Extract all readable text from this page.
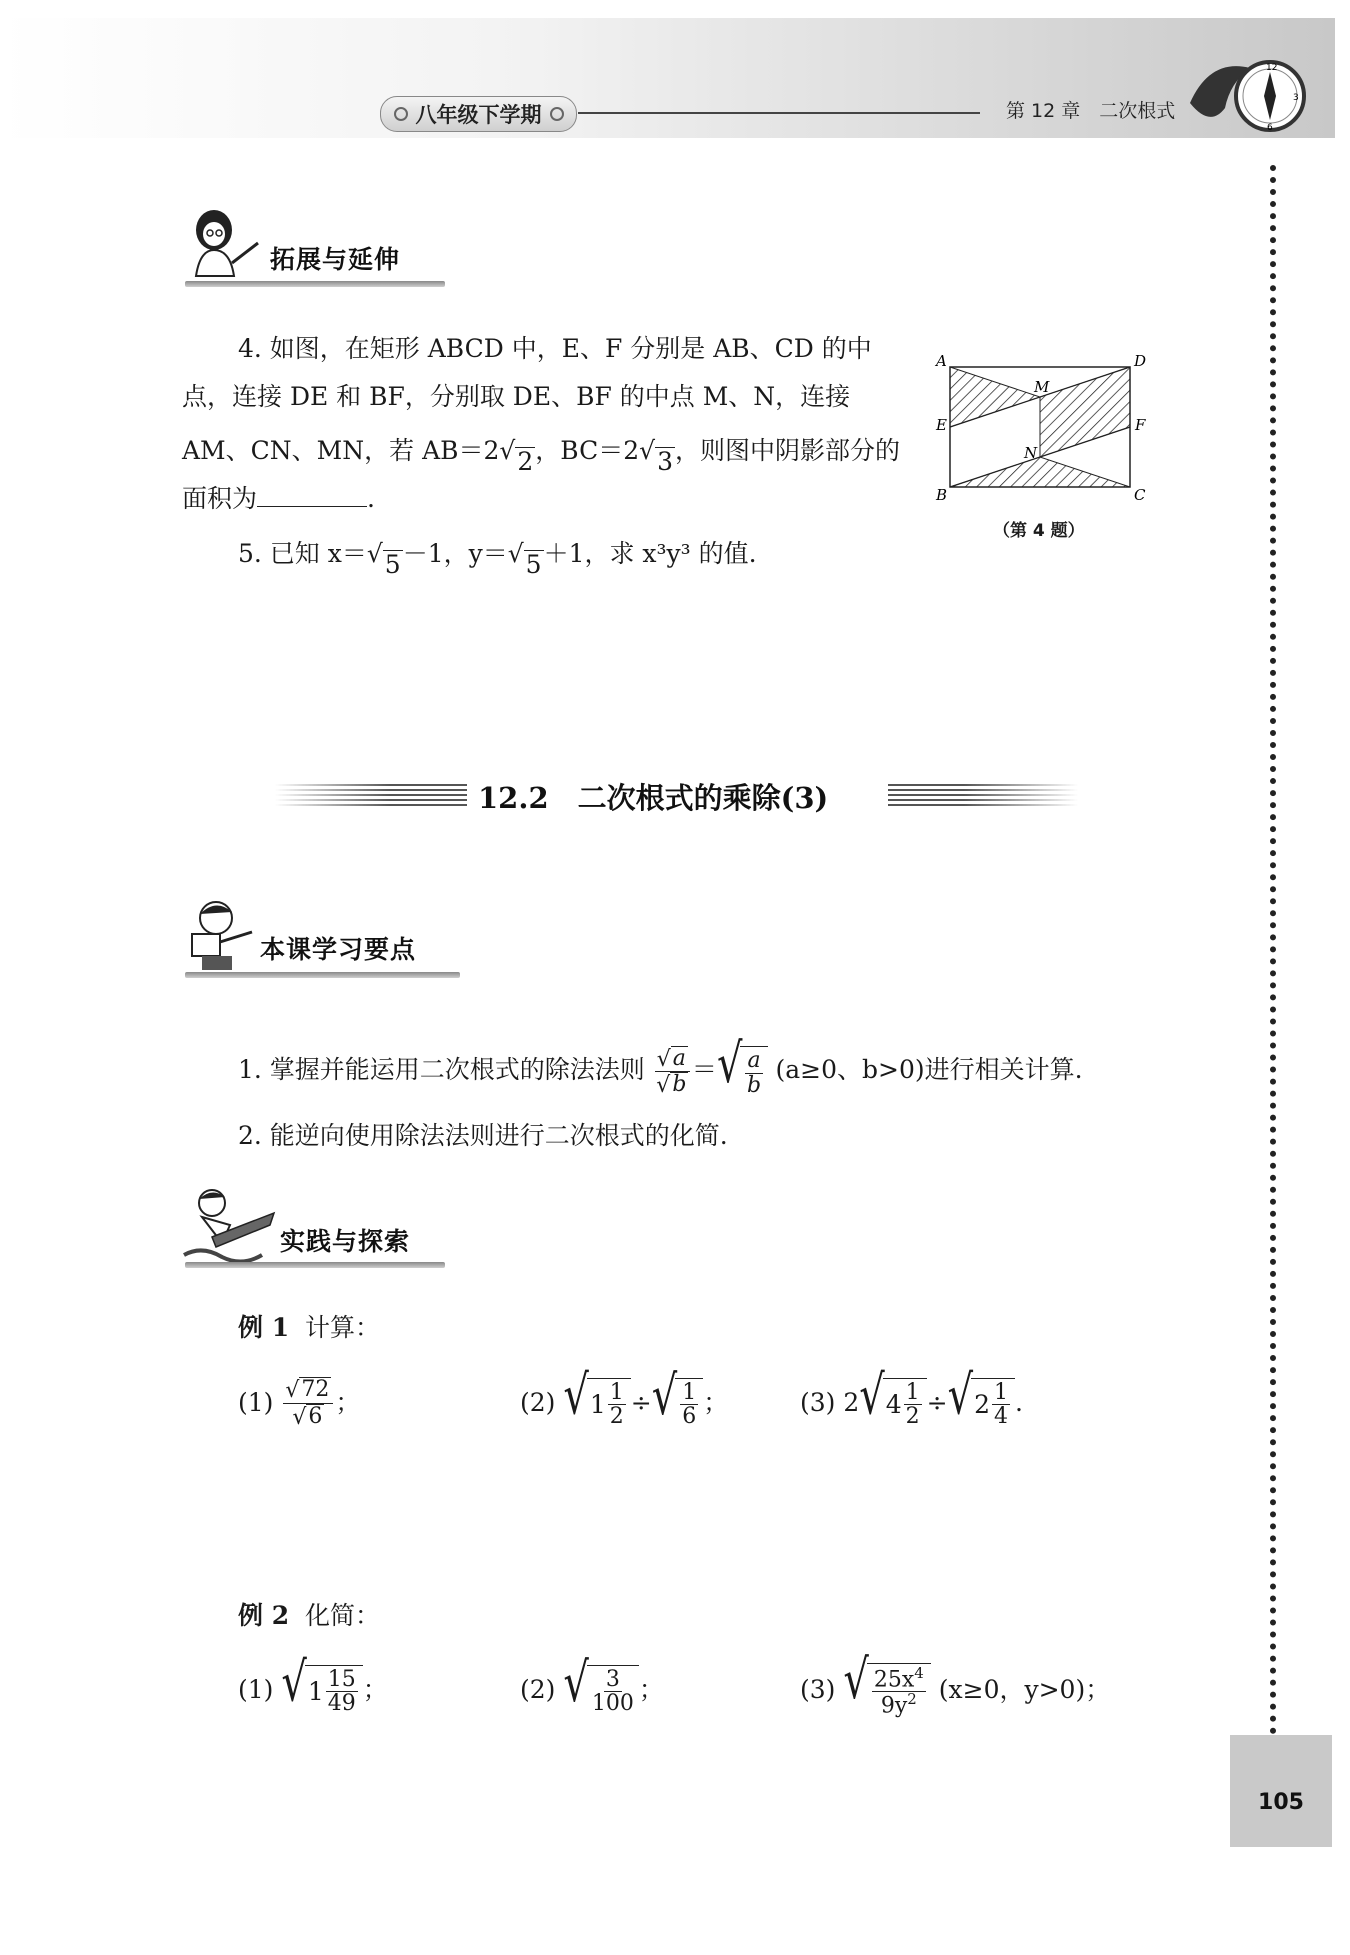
八年级下学期	第 12 章　二次根式
12
3
6
105
拓展与延伸
4. 如图，在矩形 ABCD 中，E、F 分别是 AB、CD 的中
点，连接 DE 和 BF，分别取 DE、BF 的中点 M、N，连接
AM、CN、MN，若 AB＝2√ 2 ，BC＝2√ 3 ，则图中阴影部分的
面积为	.
5. 已知 x＝√ 5 －1，y＝√ 5 ＋1，求 x³y³ 的值.
A	D
B	C
E	F
M
N
（第 4 题）
12.2　二次根式的乘除(3)
本课学习要点
1. 掌握并能运用二次根式的除法法则 $\frac{√ a}{√ b}$ ＝ √ $\frac{a}{b} (a\ge 0$、b>0)进行相关计算.
2. 能逆向使用除法法则进行二次根式的化简.
实践与探索
例 1 计算：
(1)
$\frac{√ 72}{√ 6}$ ；	(2)
√ $1 \frac{1}{2}$ ÷ √ $\frac{1}{6}$ ；	(3) 2 √ $4 \frac{1}{2}$ ÷ √ $2 \frac{1}{4}$ .
例 2 化简：
(1)
√ $1 \frac{15}{49}$ ；	(2)
√ $\frac{3}{100}$ ；	(3)
√ $\frac{25x^4}{9y^2}$
(x≥0，y>0)；
